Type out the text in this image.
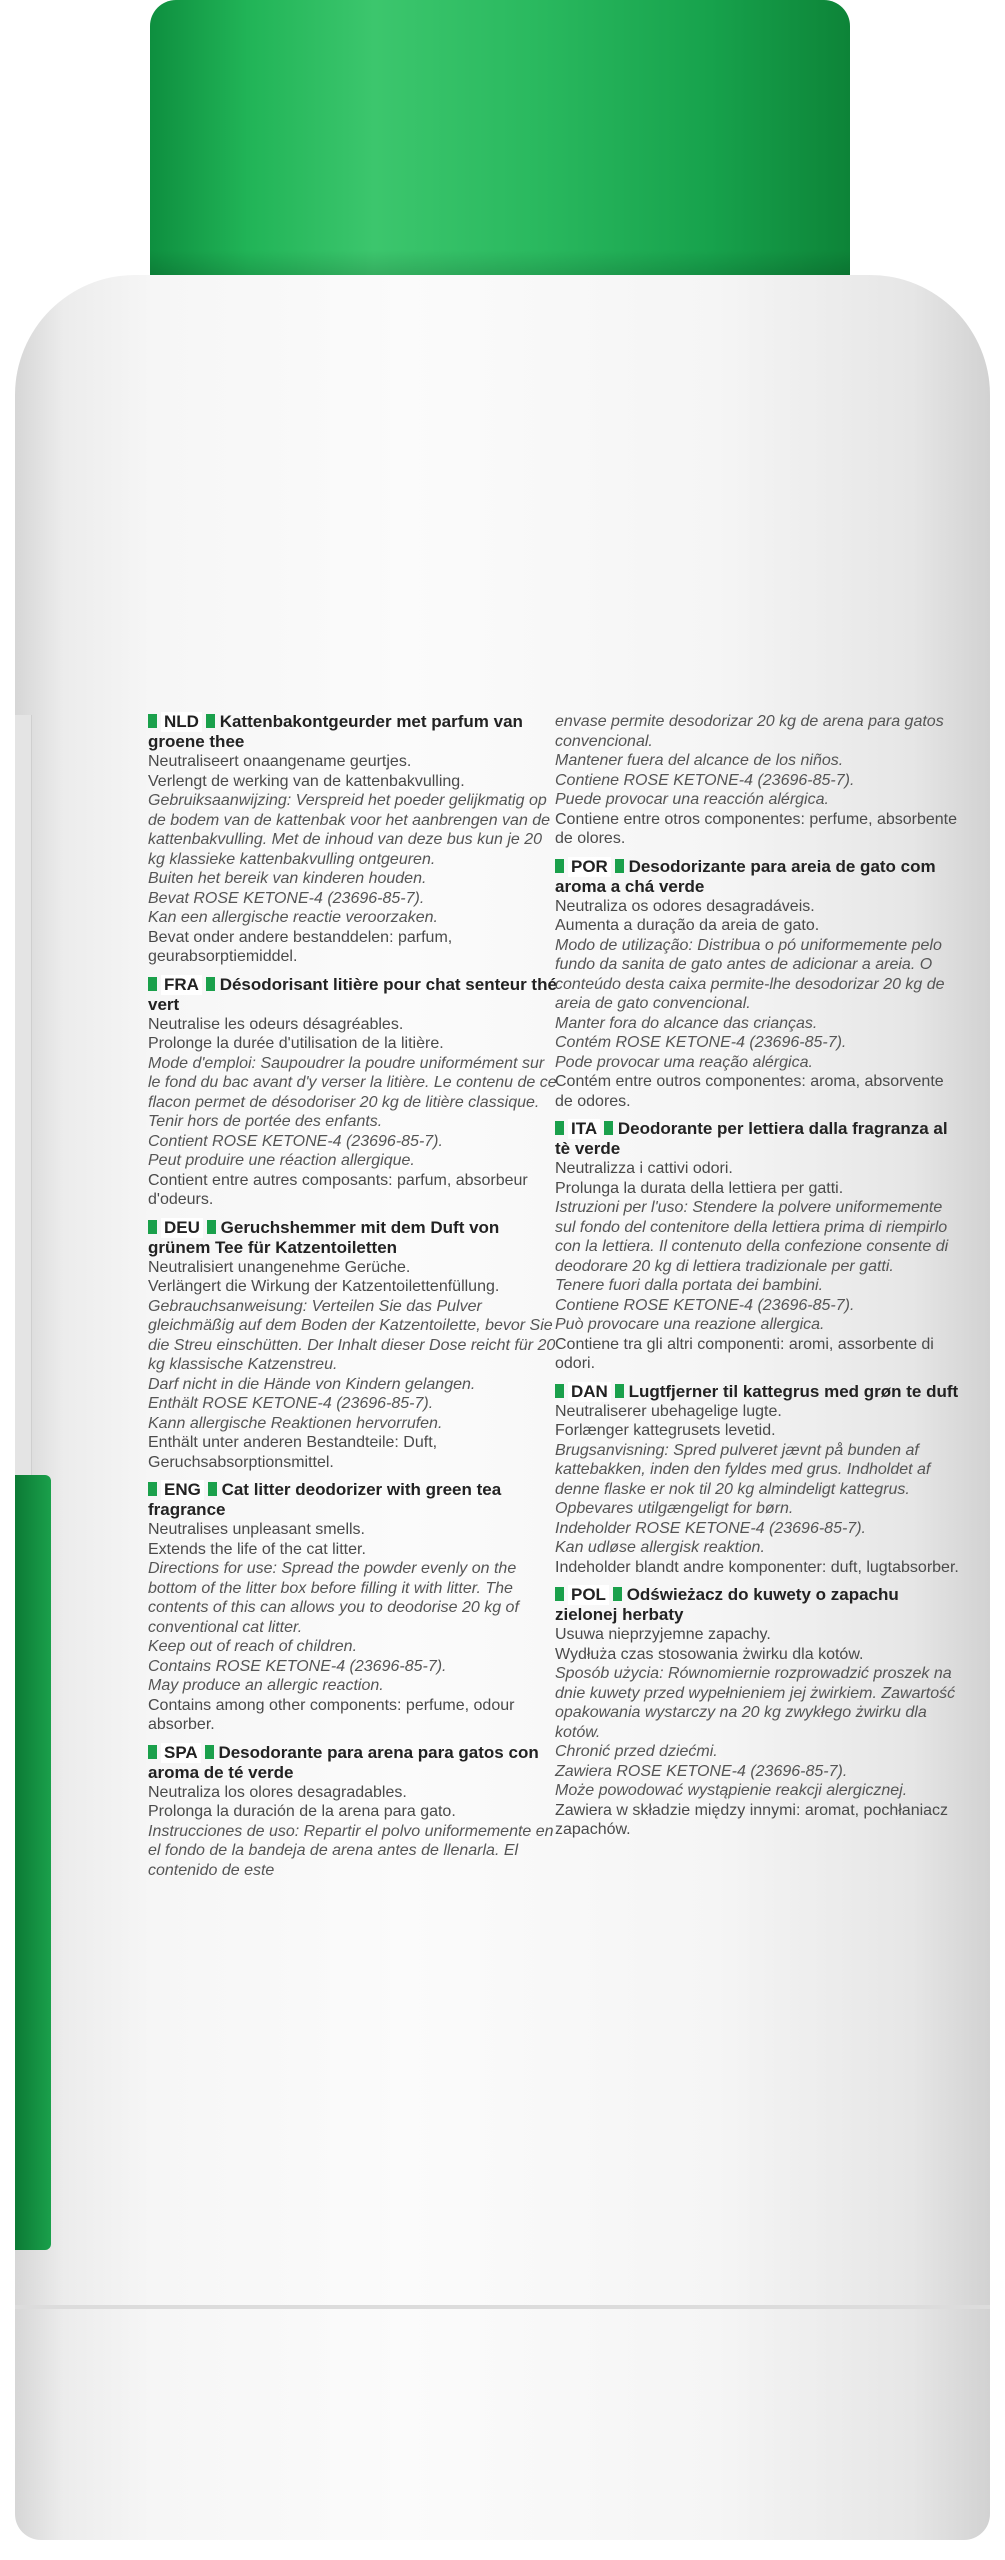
NLD Kattenbakontgeurder met parfum van groene thee
Neutraliseert onaangename geurtjes.
Verlengt de werking van de kattenbakvulling.
Gebruiksaanwijzing: Verspreid het poeder gelijkmatig op de bodem van de kattenbak voor het aanbrengen van de kattenbakvulling. Met de inhoud van deze bus kun je 20 kg klassieke kattenbakvulling ontgeuren.
Buiten het bereik van kinderen houden.
Bevat ROSE KETONE-4 (23696-85-7).
Kan een allergische reactie veroorzaken.
Bevat onder andere bestanddelen: parfum, geurabsorptiemiddel.
FRA Désodorisant litière pour chat senteur thé vert
Neutralise les odeurs désagréables.
Prolonge la durée d'utilisation de la litière.
Mode d'emploi: Saupoudrer la poudre uniformément sur le fond du bac avant d'y verser la litière. Le contenu de ce flacon permet de désodoriser 20 kg de litière classique.
Tenir hors de portée des enfants.
Contient ROSE KETONE-4 (23696-85-7).
Peut produire une réaction allergique.
Contient entre autres composants: parfum, absorbeur d'odeurs.
DEU Geruchshemmer mit dem Duft von grünem Tee für Katzentoiletten
Neutralisiert unangenehme Gerüche.
Verlängert die Wirkung der Katzentoilettenfüllung.
Gebrauchsanweisung: Verteilen Sie das Pulver gleichmäßig auf dem Boden der Katzentoilette, bevor Sie die Streu einschütten. Der Inhalt dieser Dose reicht für 20 kg klassische Katzenstreu.
Darf nicht in die Hände von Kindern gelangen.
Enthält ROSE KETONE-4 (23696-85-7).
Kann allergische Reaktionen hervorrufen.
Enthält unter anderen Bestandteile: Duft, Geruchsabsorptionsmittel.
ENG Cat litter deodorizer with green tea fragrance
Neutralises unpleasant smells.
Extends the life of the cat litter.
Directions for use: Spread the powder evenly on the bottom of the litter box before filling it with litter. The contents of this can allows you to deodorise 20 kg of conventional cat litter.
Keep out of reach of children.
Contains ROSE KETONE-4 (23696-85-7).
May produce an allergic reaction.
Contains among other components: perfume, odour absorber.
SPA Desodorante para arena para gatos con aroma de té verde
Neutraliza los olores desagradables.
Prolonga la duración de la arena para gato.
Instrucciones de uso: Repartir el polvo uniformemente en el fondo de la bandeja de arena antes de llenarla. El contenido de este
envase permite desodorizar 20 kg de arena para gatos convencional.
Mantener fuera del alcance de los niños.
Contiene ROSE KETONE-4 (23696-85-7).
Puede provocar una reacción alérgica.
Contiene entre otros componentes: perfume, absorbente de olores.
POR Desodorizante para areia de gato com aroma a chá verde
Neutraliza os odores desagradáveis.
Aumenta a duração da areia de gato.
Modo de utilização: Distribua o pó uniformemente pelo fundo da sanita de gato antes de adicionar a areia. O conteúdo desta caixa permite-lhe desodorizar 20 kg de areia de gato convencional.
Manter fora do alcance das crianças.
Contém ROSE KETONE-4 (23696-85-7).
Pode provocar uma reação alérgica.
Contém entre outros componentes: aroma, absorvente de odores.
ITA Deodorante per lettiera dalla fragranza al tè verde
Neutralizza i cattivi odori.
Prolunga la durata della lettiera per gatti.
Istruzioni per l'uso: Stendere la polvere uniformemente sul fondo del contenitore della lettiera prima di riempirlo con la lettiera. Il contenuto della confezione consente di deodorare 20 kg di lettiera tradizionale per gatti.
Tenere fuori dalla portata dei bambini.
Contiene ROSE KETONE-4 (23696-85-7).
Può provocare una reazione allergica.
Contiene tra gli altri componenti: aromi, assorbente di odori.
DAN Lugtfjerner til kattegrus med grøn te duft
Neutraliserer ubehagelige lugte.
Forlænger kattegrusets levetid.
Brugsanvisning: Spred pulveret jævnt på bunden af kattebakken, inden den fyldes med grus. Indholdet af denne flaske er nok til 20 kg almindeligt kattegrus.
Opbevares utilgængeligt for børn.
Indeholder ROSE KETONE-4 (23696-85-7).
Kan udløse allergisk reaktion.
Indeholder blandt andre komponenter: duft, lugtabsorber.
POL Odświeżacz do kuwety o zapachu zielonej herbaty
Usuwa nieprzyjemne zapachy.
Wydłuża czas stosowania żwirku dla kotów.
Sposób użycia: Równomiernie rozprowadzić proszek na dnie kuwety przed wypełnieniem jej żwirkiem. Zawartość opakowania wystarczy na 20 kg zwykłego żwirku dla kotów.
Chronić przed dziećmi.
Zawiera ROSE KETONE-4 (23696-85-7).
Może powodować wystąpienie reakcji alergicznej.
Zawiera w składzie między innymi: aromat, pochłaniacz zapachów.
